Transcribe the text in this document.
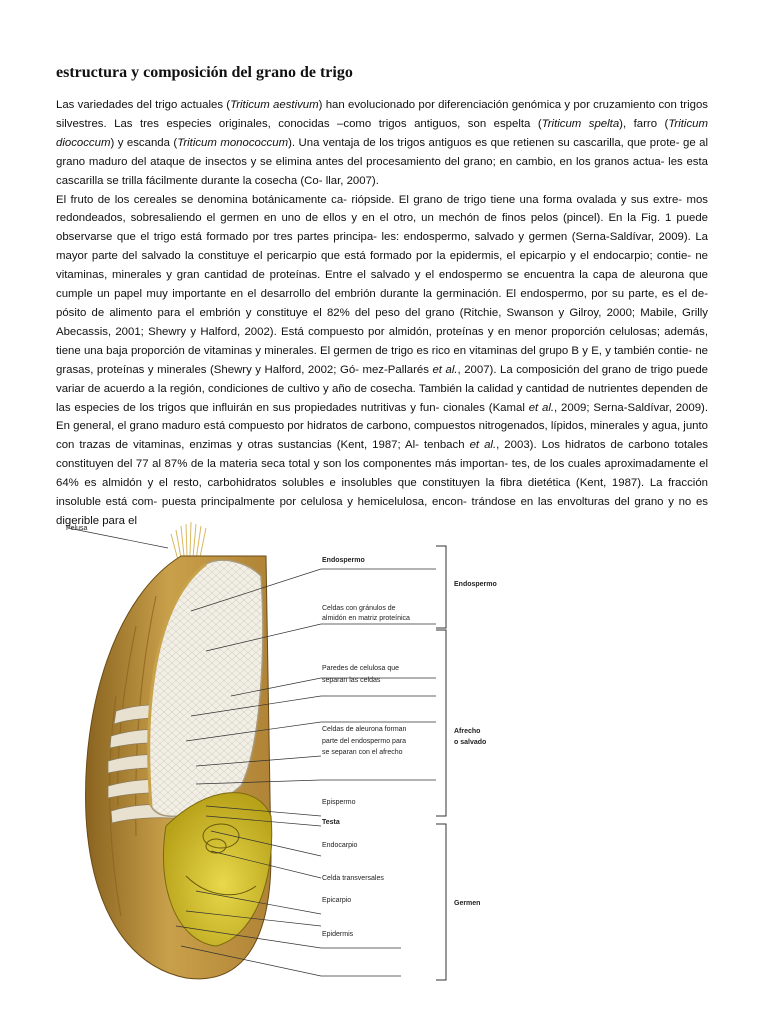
estructura y composición del grano de trigo

Las variedades del trigo actuales (Triticum aestivum) han evolucionado por diferenciación genómica y por cruzamiento con trigos silvestres. Las tres especies originales, conocidas –como trigos antiguos, son espelta (Triticum spelta), farro (Triticum diococcum) y escanda (Triticum monococcum). Una ventaja de los trigos antiguos es que retienen su cascarilla, que prote- ge al grano maduro del ataque de insectos y se elimina antes del procesamiento del grano; en cambio, en los granos actua- les esta cascarilla se trilla fácilmente durante la cosecha (Co- llar, 2007).

El fruto de los cereales se denomina botánicamente ca- riópside. El grano de trigo tiene una forma ovalada y sus extre- mos redondeados, sobresaliendo el germen en uno de ellos y en el otro, un mechón de finos pelos (pincel). En la Fig. 1 puede observarse que el trigo está formado por tres partes principa- les: endospermo, salvado y germen (Serna-Saldívar, 2009). La mayor parte del salvado la constituye el pericarpio que está formado por la epidermis, el epicarpio y el endocarpio; contie- ne vitaminas, minerales y gran cantidad de proteínas. Entre el salvado y el endospermo se encuentra la capa de aleurona que cumple un papel muy importante en el desarrollo del embrión durante la germinación. El endospermo, por su parte, es el de- pósito de alimento para el embrión y constituye el 82% del peso del grano (Ritchie, Swanson y Gilroy, 2000; Mabile, Grilly Abecassis, 2001; Shewry y Halford, 2002). Está compuesto por almidón, proteínas y en menor proporción celulosas; además, tiene una baja proporción de vitaminas y minerales. El germen de trigo es rico en vitaminas del grupo B y E, y también contie- ne grasas, proteínas y minerales (Shewry y Halford, 2002; Gó- mez-Pallarés et al., 2007). La composición del grano de trigo puede variar de acuerdo a la región, condiciones de cultivo y año de cosecha. También la calidad y cantidad de nutrientes dependen de las especies de los trigos que influirán en sus propiedades nutritivas y fun- cionales (Kamal et al., 2009; Serna-Saldívar, 2009). En general, el grano maduro está compuesto por hidratos de carbono, compuestos nitrogenados, lípidos, minerales y agua, junto con trazas de vitaminas, enzimas y otras sustancias (Kent, 1987; Al- tenbach et al., 2003). Los hidratos de carbono totales constituyen del 77 al 87% de la materia seca total y son los componentes más importan- tes, de los cuales aproximadamente el 64% es almidón y el resto, carbohidratos solubles e insolubles que constituyen la fibra dietética (Kent, 1987). La fracción insoluble está com- puesta principalmente por celulosa y hemicelulosa, encon- trándose en las envolturas del grano y no es digerible para el

Pelusa
Endospermo
Celdas con gránulos de
almidón en matriz proteínica
Paredes de celulosa que
separan las celdas
Celdas de aleurona forman
parte del endospermo para
se separan con el afrecho
Epispermo
Testa
Endocarpio
Celda transversales
Epicarpio
Epidermis
Endospermo
Afrecho
o salvado
Germen
